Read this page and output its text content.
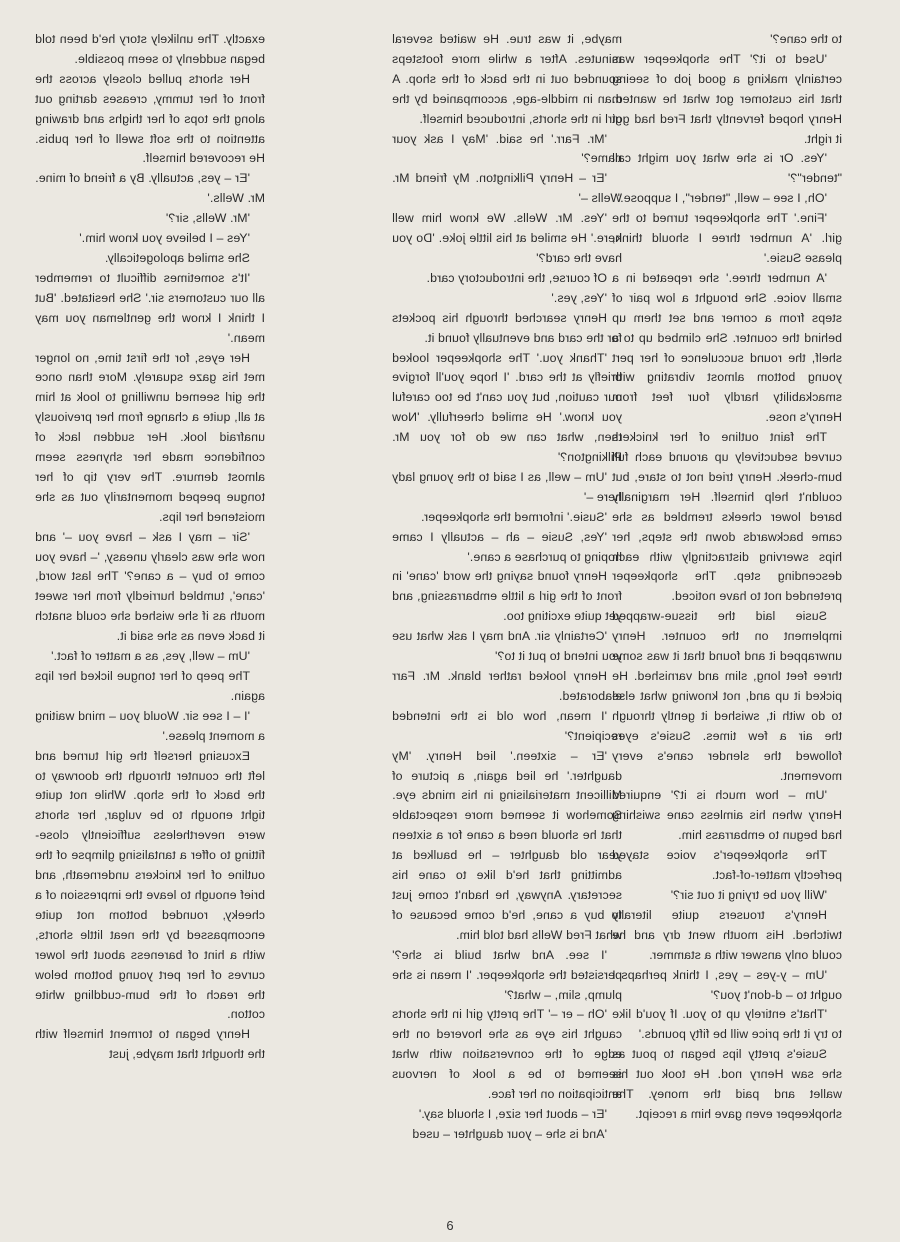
exactly. The unlikely story he'd been told began suddenly to seem possible.

Her shorts pulled closely across the front of her tummy, creases darting out along the tops of her thighs and drawing attention to the soft swell of her pubis. He recovered himself.

'Er – yes, actually. By a friend of mine. Mr. Wells.'

'Mr. Wells, sir?'

'Yes – I believe you know him.'

She smiled apologetically.

'It's sometimes difficult to remember all our customers sir.' She hesitated. 'But I think I know the gentleman you may mean.'

Her eyes, for the first time, no longer met his gaze squarely. More than once the girl seemed unwilling to look at him at all, quite a change from her previously unafraid look. Her sudden lack of confidence made her shyness seem almost demure. The very tip of her tongue peeped momentarily out as she moistened her lips.

'Sir – may I ask – have you –' and now she was clearly uneasy, '– have you come to buy – a cane?' The last word, 'cane', tumbled hurriedly from her sweet mouth as if she wished she could snatch it back even as she said it.

'Um – well, yes, as a matter of fact.'

The peep of her tongue licked her lips again.

'I – I see sir. Would you – mind waiting a moment please.'

Excusing herself the girl turned and left the counter through the doorway to the back of the shop. While not quite tight enough to be vulgar, her shorts were nevertheless sufficiently close-fitting to offer a tantalising glimpse of the outline of her knickers underneath, and brief enough to leave the impression of a cheeky, rounded bottom not quite encompassed by the neat little shorts, with a hint of bareness about the lower curves of her pert young bottom below the reach of the bum-cuddling white cotton.

Henry began to torment himself with the thought that maybe, just

maybe, it was true. He waited several minutes. After a while more footsteps sounded out in the back of the shop. A man in middle-age, accompanied by the girl in the shorts, introduced himself.

'Mr. Farr.' he said. 'May I ask your name?'

'Er – Henry Pilkington. My friend Mr. Wells –'

'Yes. Mr. Wells. We know him well here.' He smiled at his little joke. 'Do you have the card?'

Of course, the introductory card.

'Yes, yes.'

Henry searched through his pockets for the card and eventually found it.

'Thank you.' The shopkeeper looked briefly at the card. 'I hope you'll forgive our caution, but you can't be too careful you know.' He smiled cheerfully. 'Now then, what can we do for you Mr. Pilkington?'

'Um – well, as I said to the young lady here –'

'Susie.' informed the shopkeeper.

'Yes, Susie – ah – actually I came hoping to purchase a cane.'

Henry found saying the word 'cane' in front of the girl a little embarrassing, and yet quite exciting too.

'Certainly sir. And may I ask what use you intend to put it to?'

Henry looked rather blank. Mr. Farr elaborated.

'I mean, how old is the intended recipient?'

'Er – sixteen.' lied Henry. 'My daughter.' he lied again, a picture of Millicent materialising in his minds eye. Somehow it seemed more respectable that he should need a cane for a sixteen year old daughter – he baulked at admitting that he'd like to cane his secretary. Anyway, he hadn't come just to buy a cane, he'd come because of what Fred Wells had told him.

'I see. And what build is she?' persisted the shopkeeper. 'I mean is she plump, slim, – what?'

'Oh – er –' The pretty girl in the shorts caught his eye as she hovered on the edge of the conversation with what seemed to be a look of nervous anticipation on her face.

'Er – about her size, I should say.'

'And is she – your daughter – used

to the cane?'

'Used to it?' The shopkeeper was certainly making a good job of seeing that his customer got what he wanted. Henry hoped fervently that Fred had got it right.

'Yes. Or is she what you might call "tender"?'

'Oh, I see – well, "tender", I suppose.'

'Fine.' The shopkeeper turned to the girl. 'A number three I should think, please Susie.'

'A number three.' she repeated in a small voice. She brought a low pair of steps from a corner and set them up behind the counter. She climbed up to a shelf, the round succulence of her pert young bottom almost vibrating with smackability hardly four feet from Henry's nose.

The faint outline of her knickers curved seductively up around each full bum-cheek. Henry tried not to stare, but couldn't help himself. Her marginally bared lower cheeks trembled as she came backwards down the steps, her hips swerving distractingly with each descending step. The shopkeeper pretended not to have noticed.

Susie laid the tissue-wrapped implement on the counter. Henry unwrapped it and found that it was some three feet long, slim and varnished. He picked it up and, not knowing what else to do with it, swished it gently through the air a few times. Susie's eyes followed the slender cane's every movement.

'Um – how much is it?' enquired Henry when his aimless cane swishing had begun to embarrass him.

The shopkeeper's voice stayed perfectly matter-of-fact.

'Will you be trying it out sir?'

Henry's trousers quite literally twitched. His mouth went dry and he could only answer with a stammer.

'Um – y-yes – yes, I think perhaps I ought to – d-don't you?'

'That's entirely up to you. If you'd like to try it the price will be fifty pounds.'

Susie's pretty lips began to pout as she saw Henry nod. He took out his wallet and paid the money. The shopkeeper even gave him a receipt.

6
